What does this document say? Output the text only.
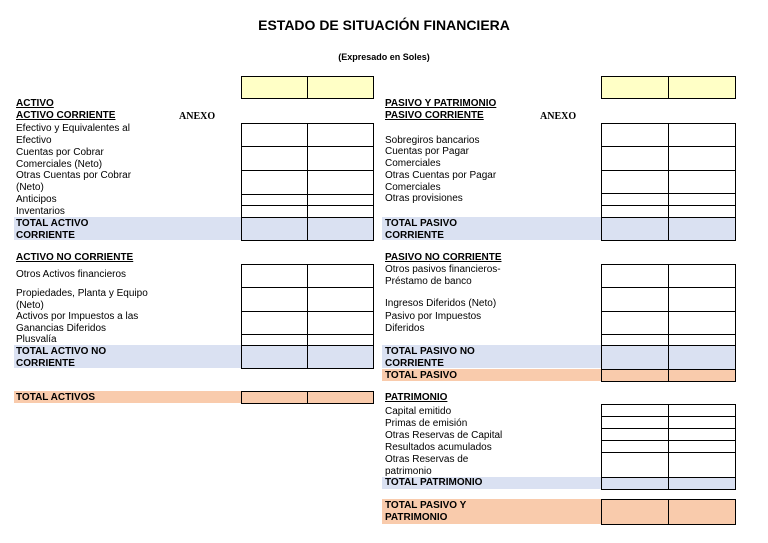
ESTADO DE SITUACIÓN FINANCIERA
(Expresado en Soles)
ACTIVO
ACTIVO CORRIENTE	ANEXO
Efectivo y Equivalentes al Efectivo
Cuentas por Cobrar Comerciales (Neto)
Otras Cuentas por Cobrar (Neto)
Anticipos
Inventarios
TOTAL ACTIVO CORRIENTE
ACTIVO NO CORRIENTE
Otros Activos financieros
Propiedades, Planta y Equipo (Neto)
Activos por Impuestos a las Ganancias Diferidos
Plusvalía
TOTAL ACTIVO NO CORRIENTE
TOTAL ACTIVOS
PASIVO Y PATRIMONIO
PASIVO CORRIENTE	ANEXO
Sobregiros bancarios
Cuentas por Pagar Comerciales
Otras Cuentas por Pagar Comerciales
Otras provisiones
TOTAL PASIVO CORRIENTE
PASIVO NO CORRIENTE
Otros pasivos financieros- Préstamo de banco
Ingresos Diferidos (Neto)
Pasivo por Impuestos Diferidos
TOTAL PASIVO NO CORRIENTE
TOTAL PASIVO
PATRIMONIO
Capital emitido
Primas de emisión
Otras Reservas de Capital
Resultados acumulados
Otras Reservas de patrimonio
TOTAL PATRIMONIO
TOTAL PASIVO Y PATRIMONIO
